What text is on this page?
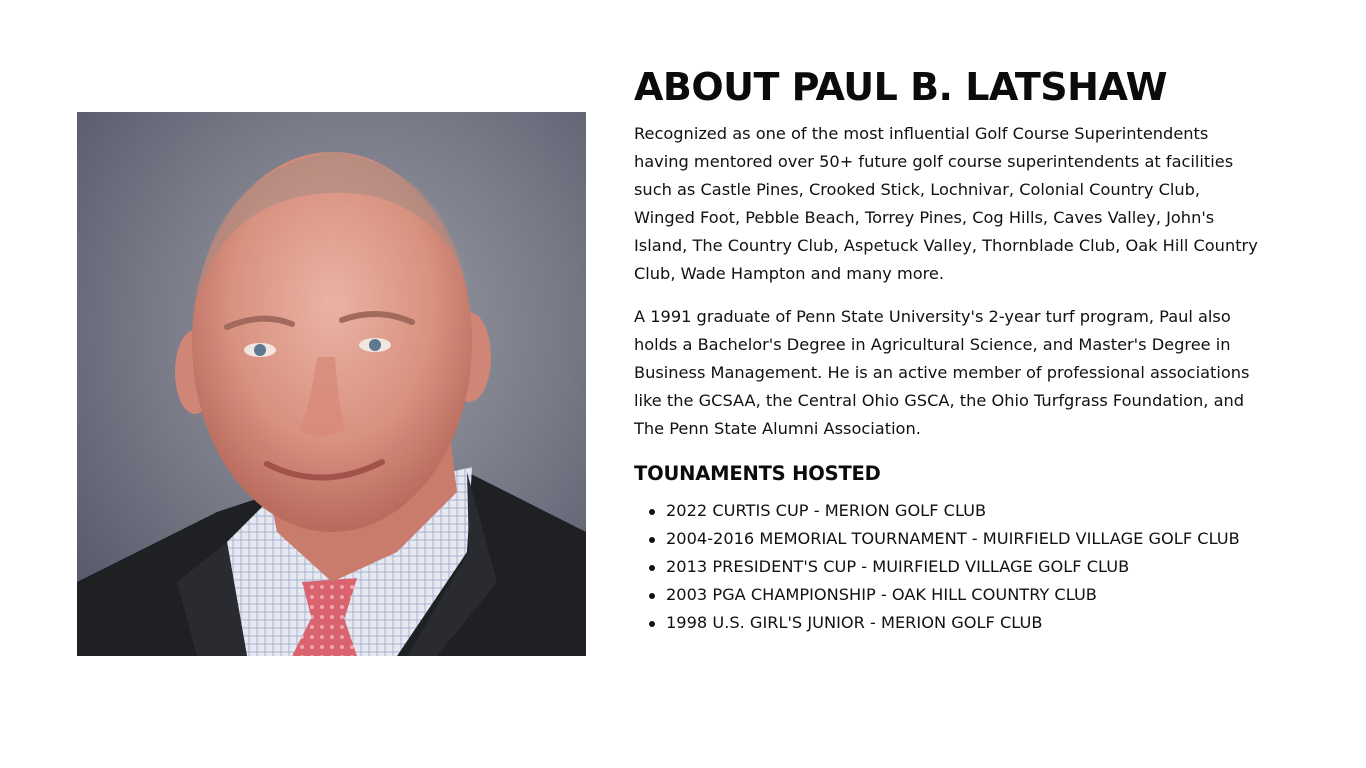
ABOUT PAUL B. LATSHAW

Recognized as one of the most influential Golf Course Superintendents having mentored over 50+ future golf course superintendents at facilities such as Castle Pines, Crooked Stick, Lochnivar, Colonial Country Club, Winged Foot, Pebble Beach, Torrey Pines, Cog Hills, Caves Valley, John's Island, The Country Club, Aspetuck Valley, Thornblade Club, Oak Hill Country Club, Wade Hampton and many more.

A 1991 graduate of Penn State University's 2-year turf program, Paul also holds a Bachelor's Degree in Agricultural Science, and Master's Degree in Business Management. He is an active member of professional associations like the GCSAA, the Central Ohio GSCA, the Ohio Turfgrass Foundation, and The Penn State Alumni Association.

TOUNAMENTS HOSTED
2022 CURTIS CUP - MERION GOLF CLUB
2004-2016 MEMORIAL TOURNAMENT - MUIRFIELD VILLAGE GOLF CLUB
2013 PRESIDENT'S CUP - MUIRFIELD VILLAGE GOLF CLUB
2003 PGA CHAMPIONSHIP - OAK HILL COUNTRY CLUB
1998 U.S. GIRL'S JUNIOR - MERION GOLF CLUB
